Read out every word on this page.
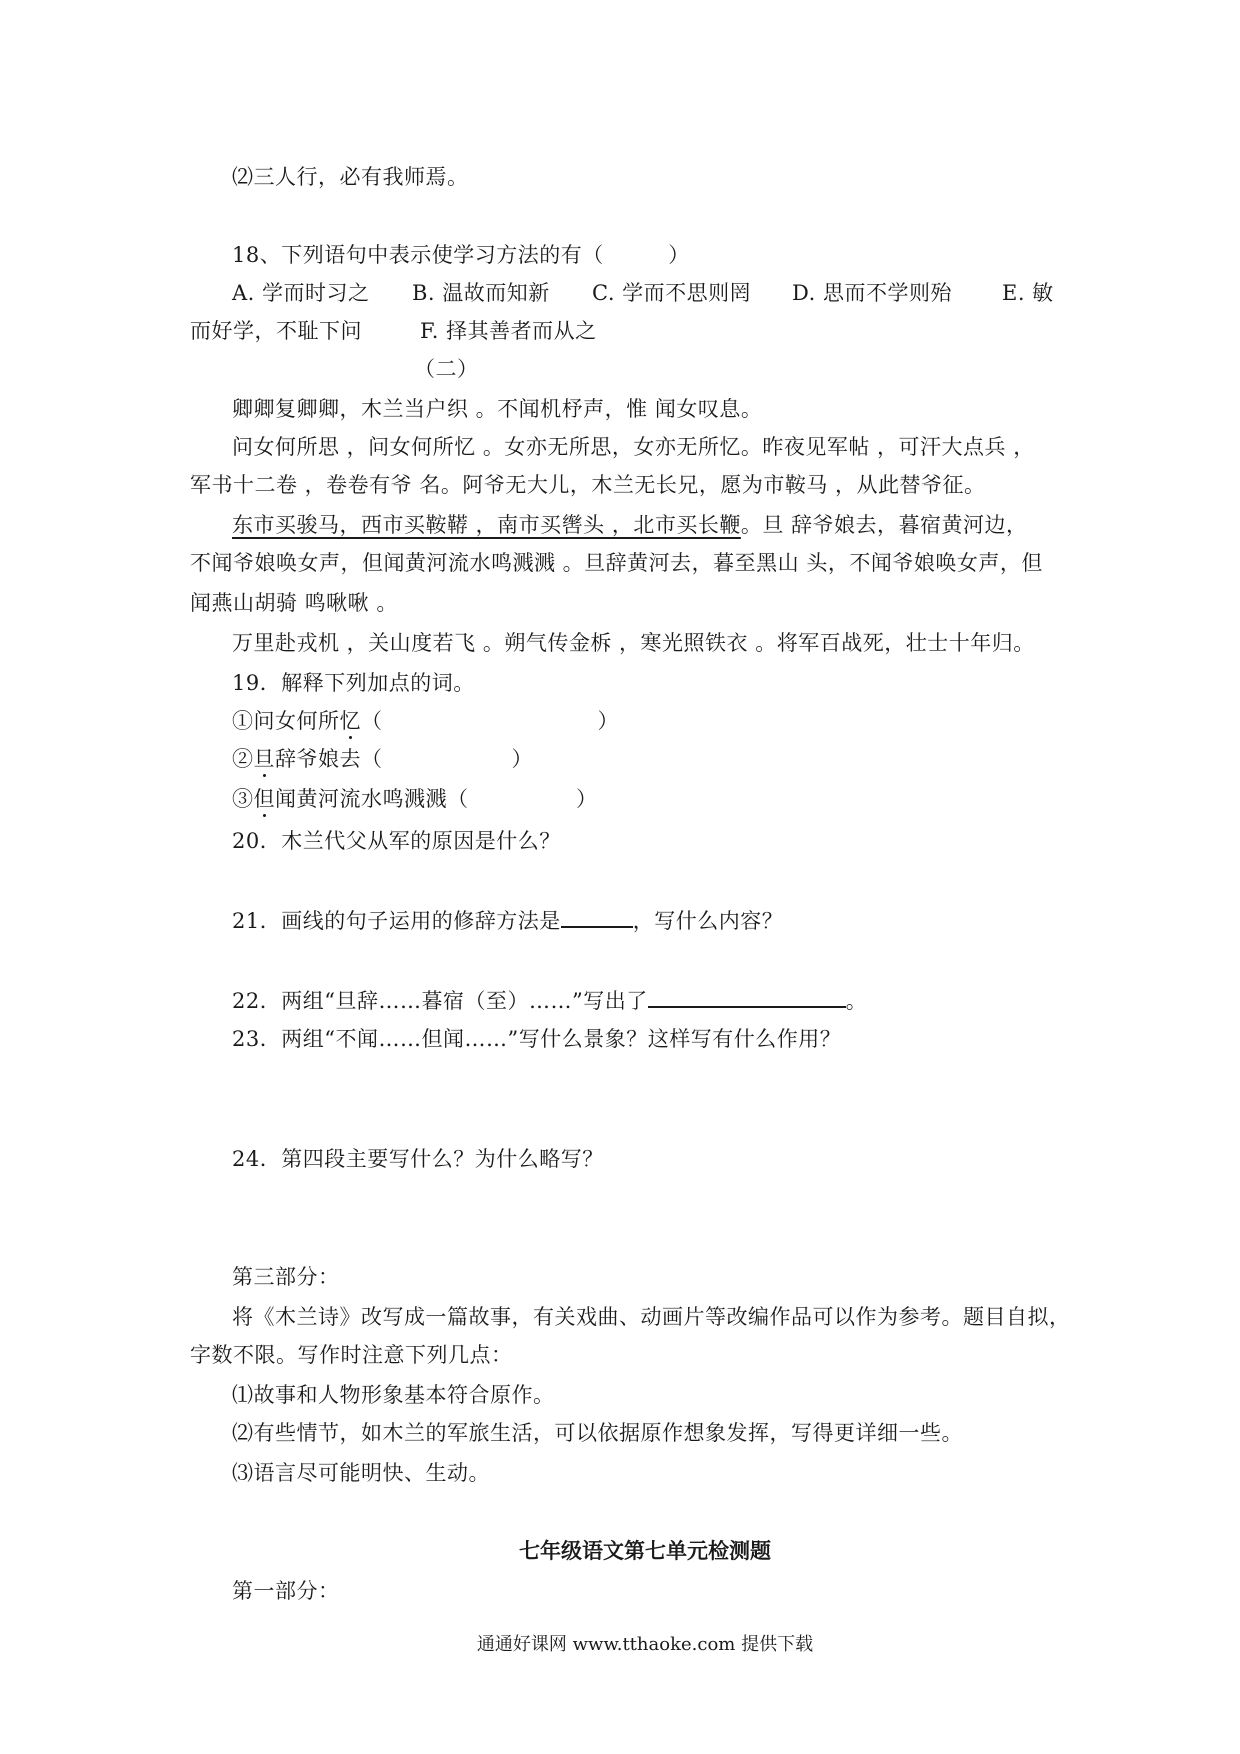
⑵三人行，必有我师焉。
18、下列语句中表示使学习方法的有（　　　）
A. 学而时习之 B. 温故而知新 C. 学而不思则罔 D. 思而不学则殆 E. 敏
而好学，不耻下问	F. 择其善者而从之
（二）
卿卿复卿卿，木兰当户织 。不闻机杼声，惟 闻女叹息。
问女何所思 ，问女何所忆 。女亦无所思，女亦无所忆。昨夜见军帖 ，可汗大点兵 ，
军书十二卷 ，卷卷有爷 名。阿爷无大儿，木兰无长兄，愿为市鞍马 ，从此替爷征。
东市买骏马，西市买鞍鞯 ，南市买辔头 ，北市买长鞭。旦 辞爷娘去，暮宿黄河边，
不闻爷娘唤女声，但闻黄河流水鸣溅溅 。旦辞黄河去，暮至黑山 头，不闻爷娘唤女声，但
闻燕山胡骑 鸣啾啾 。
万里赴戎机 ，关山度若飞 。朔气传金柝 ，寒光照铁衣 。将军百战死，壮士十年归。
19．解释下列加点的词。
①问女何所忆（　　　　　　　　　　）
②旦辞爷娘去（　　　　　　）
③但闻黄河流水鸣溅溅（　　　　　）
20．木兰代父从军的原因是什么？
21．画线的句子运用的修辞方法是	，写什么内容？
22．两组“旦辞……暮宿（至）……”写出了	。
23．两组“不闻……但闻……”写什么景象？这样写有什么作用？
24．第四段主要写什么？为什么略写？
第三部分：
将《木兰诗》改写成一篇故事，有关戏曲、动画片等改编作品可以作为参考。题目自拟，
字数不限。写作时注意下列几点：
⑴故事和人物形象基本符合原作。
⑵有些情节，如木兰的军旅生活，可以依据原作想象发挥，写得更详细一些。
⑶语言尽可能明快、生动。
七年级语文第七单元检测题
第一部分：
通通好课网 www.tthaoke.com 提供下载
